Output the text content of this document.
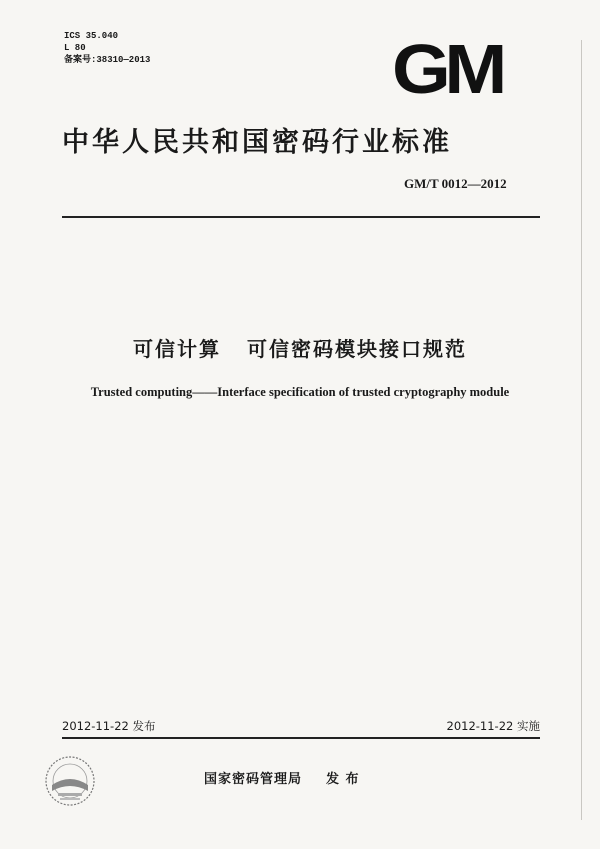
ICS 35.040
L 80
备案号:38310—2013	GM
中华人民共和国密码行业标准
GM/T 0012—2012
可信计算 可信密码模块接口规范
Trusted computing——Interface specification of trusted cryptography module
2012-11-22 发布	2012-11-22 实施
国家密码管理局 发 布
